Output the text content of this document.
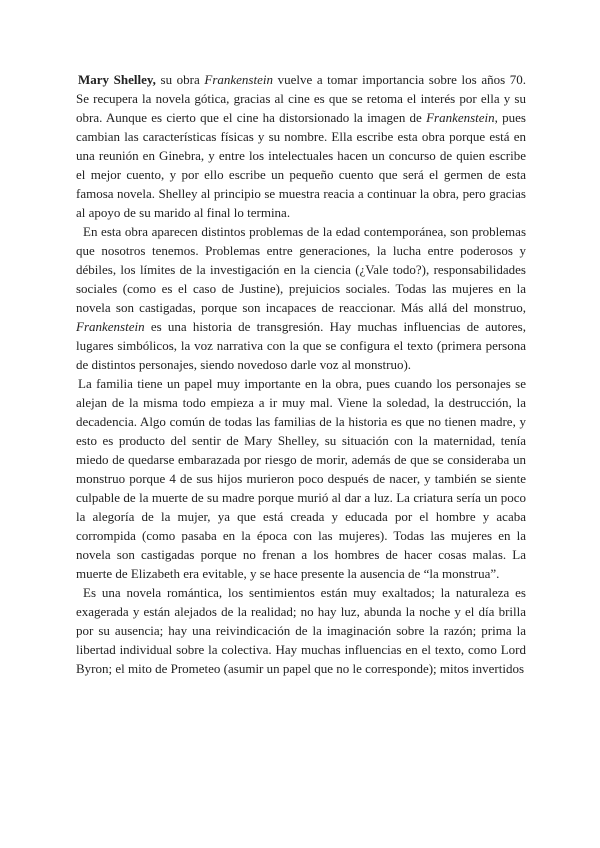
Mary Shelley, su obra Frankenstein vuelve a tomar importancia sobre los años 70. Se recupera la novela gótica, gracias al cine es que se retoma el interés por ella y su obra. Aunque es cierto que el cine ha distorsionado la imagen de Frankenstein, pues cambian las características físicas y su nombre. Ella escribe esta obra porque está en una reunión en Ginebra, y entre los intelectuales hacen un concurso de quien escribe el mejor cuento, y por ello escribe un pequeño cuento que será el germen de esta famosa novela. Shelley al principio se muestra reacia a continuar la obra, pero gracias al apoyo de su marido al final lo termina.

En esta obra aparecen distintos problemas de la edad contemporánea, son problemas que nosotros tenemos. Problemas entre generaciones, la lucha entre poderosos y débiles, los límites de la investigación en la ciencia (¿Vale todo?), responsabilidades sociales (como es el caso de Justine), prejuicios sociales. Todas las mujeres en la novela son castigadas, porque son incapaces de reaccionar. Más allá del monstruo, Frankenstein es una historia de transgresión. Hay muchas influencias de autores, lugares simbólicos, la voz narrativa con la que se configura el texto (primera persona de distintos personajes, siendo novedoso darle voz al monstruo).

La familia tiene un papel muy importante en la obra, pues cuando los personajes se alejan de la misma todo empieza a ir muy mal. Viene la soledad, la destrucción, la decadencia. Algo común de todas las familias de la historia es que no tienen madre, y esto es producto del sentir de Mary Shelley, su situación con la maternidad, tenía miedo de quedarse embarazada por riesgo de morir, además de que se consideraba un monstruo porque 4 de sus hijos murieron poco después de nacer, y también se siente culpable de la muerte de su madre porque murió al dar a luz. La criatura sería un poco la alegoría de la mujer, ya que está creada y educada por el hombre y acaba corrompida (como pasaba en la época con las mujeres). Todas las mujeres en la novela son castigadas porque no frenan a los hombres de hacer cosas malas. La muerte de Elizabeth era evitable, y se hace presente la ausencia de “la monstrua”.

Es una novela romántica, los sentimientos están muy exaltados; la naturaleza es exagerada y están alejados de la realidad; no hay luz, abunda la noche y el día brilla por su ausencia; hay una reivindicación de la imaginación sobre la razón; prima la libertad individual sobre la colectiva. Hay muchas influencias en el texto, como Lord Byron; el mito de Prometeo (asumir un papel que no le corresponde); mitos invertidos
